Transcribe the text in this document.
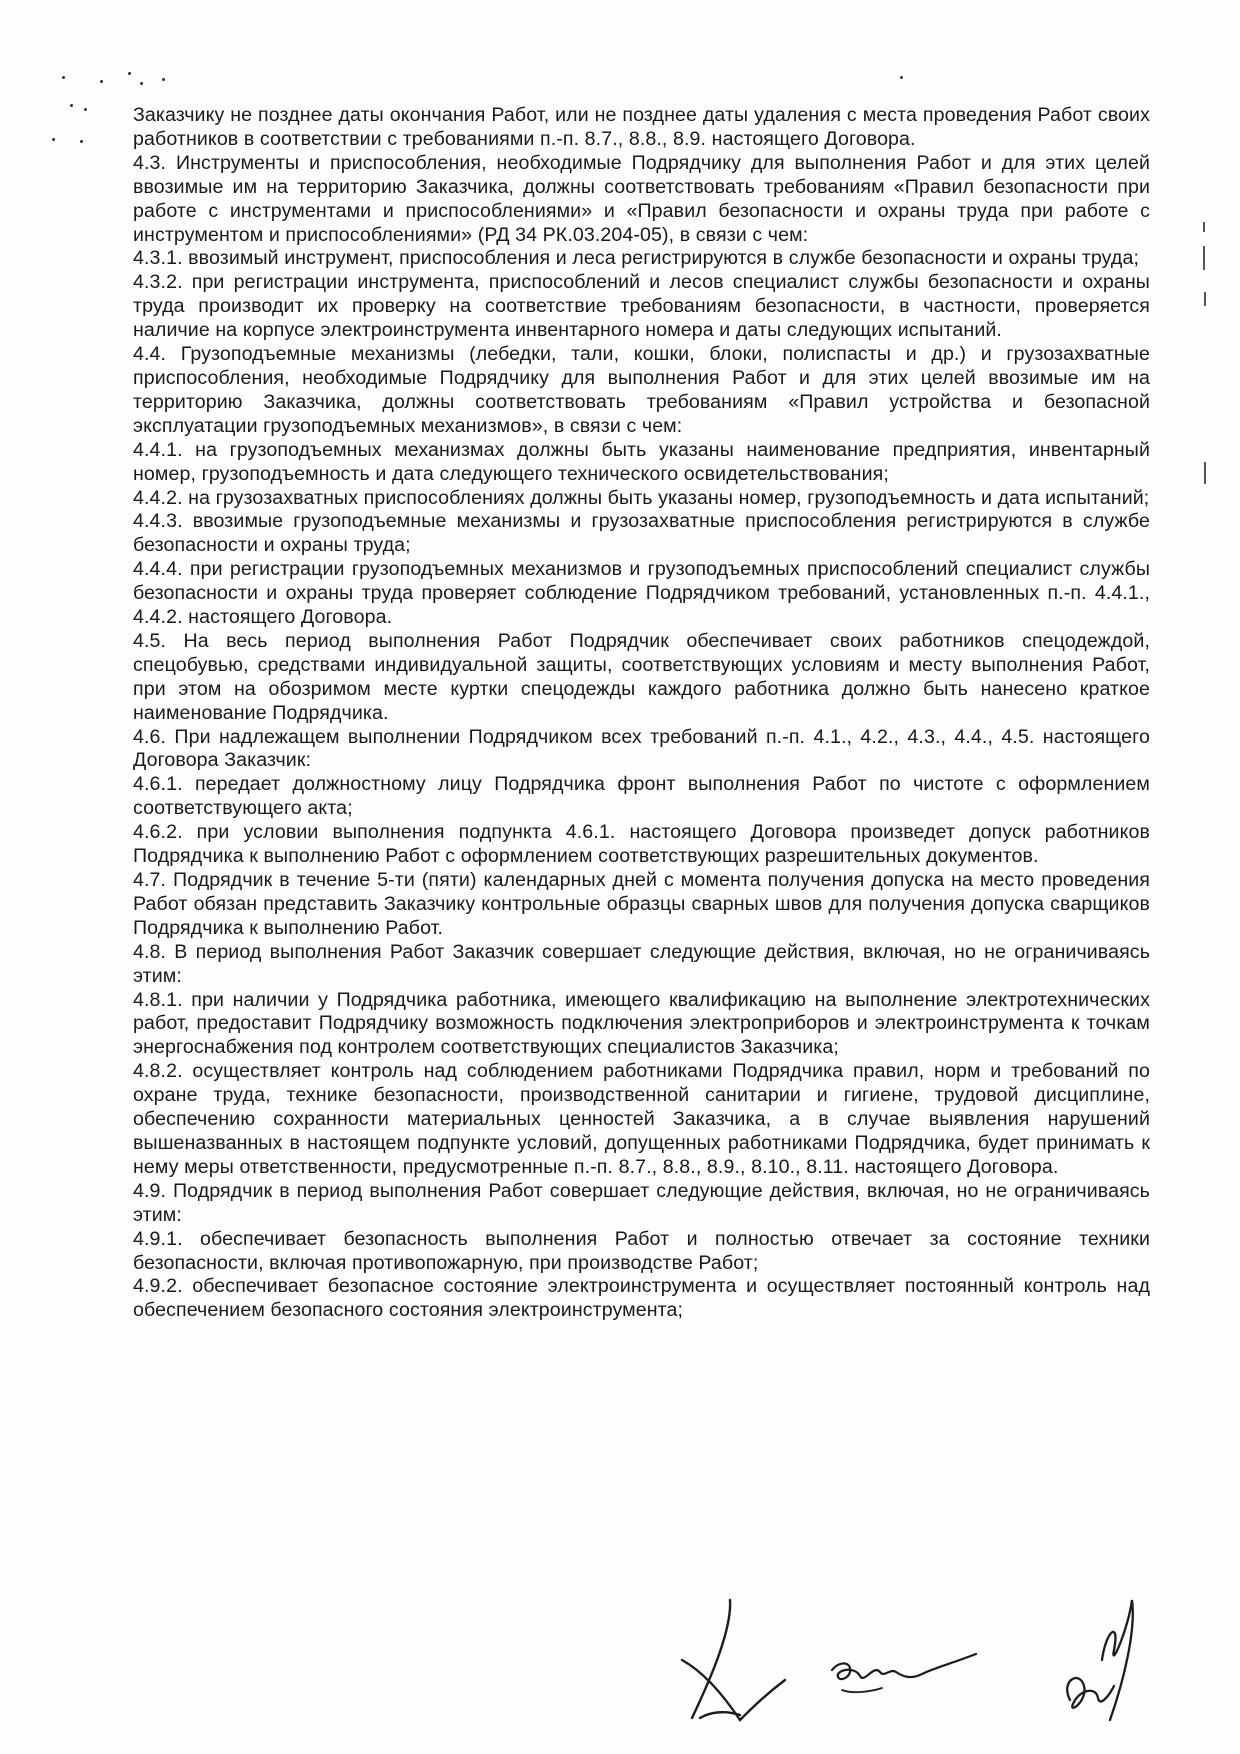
Заказчику не позднее даты окончания Работ, или не позднее даты удаления с места проведения Работ своих работников в соответствии с требованиями п.-п. 8.7., 8.8., 8.9. настоящего Договора.

4.3. Инструменты и приспособления, необходимые Подрядчику для выполнения Работ и для этих целей ввозимые им на территорию Заказчика, должны соответствовать требованиям «Правил безопасности при работе с инструментами и приспособлениями» и «Правил безопасности и охраны труда при работе с инструментом и приспособлениями» (РД 34 РК.03.204-05), в связи с чем:

4.3.1. ввозимый инструмент, приспособления и леса регистрируются в службе безопасности и охраны труда;

4.3.2. при регистрации инструмента, приспособлений и лесов специалист службы безопасности и охраны труда производит их проверку на соответствие требованиям безопасности, в частности, проверяется наличие на корпусе электроинструмента инвентарного номера и даты следующих испытаний.

4.4. Грузоподъемные механизмы (лебедки, тали, кошки, блоки, полиспасты и др.) и грузозахватные приспособления, необходимые Подрядчику для выполнения Работ и для этих целей ввозимые им на территорию Заказчика, должны соответствовать требованиям «Правил устройства и безопасной эксплуатации грузоподъемных механизмов», в связи с чем:

4.4.1. на грузоподъемных механизмах должны быть указаны наименование предприятия, инвентарный номер, грузоподъемность и дата следующего технического освидетельствования;

4.4.2. на грузозахватных приспособлениях должны быть указаны номер, грузоподъемность и дата испытаний;

4.4.3. ввозимые грузоподъемные механизмы и грузозахватные приспособления регистрируются в службе безопасности и охраны труда;

4.4.4. при регистрации грузоподъемных механизмов и грузоподъемных приспособлений специалист службы безопасности и охраны труда проверяет соблюдение Подрядчиком требований, установленных п.-п. 4.4.1., 4.4.2. настоящего Договора.

4.5. На весь период выполнения Работ Подрядчик обеспечивает своих работников спецодеждой, спецобувью, средствами индивидуальной защиты, соответствующих условиям и месту выполнения Работ, при этом на обозримом месте куртки спецодежды каждого работника должно быть нанесено краткое наименование Подрядчика.

4.6. При надлежащем выполнении Подрядчиком всех требований п.-п. 4.1., 4.2., 4.3., 4.4., 4.5. настоящего Договора Заказчик:

4.6.1. передает должностному лицу Подрядчика фронт выполнения Работ по чистоте с оформлением соответствующего акта;

4.6.2. при условии выполнения подпункта 4.6.1. настоящего Договора произведет допуск работников Подрядчика к выполнению Работ с оформлением соответствующих разрешительных документов.

4.7. Подрядчик в течение 5-ти (пяти) календарных дней с момента получения допуска на место проведения Работ обязан представить Заказчику контрольные образцы сварных швов для получения допуска сварщиков Подрядчика к выполнению Работ.

4.8. В период выполнения Работ Заказчик совершает следующие действия, включая, но не ограничиваясь этим:

4.8.1. при наличии у Подрядчика работника, имеющего квалификацию на выполнение электротехнических работ, предоставит Подрядчику возможность подключения электроприборов и электроинструмента к точкам энергоснабжения под контролем соответствующих специалистов Заказчика;

4.8.2. осуществляет контроль над соблюдением работниками Подрядчика правил, норм и требований по охране труда, технике безопасности, производственной санитарии и гигиене, трудовой дисциплине, обеспечению сохранности материальных ценностей Заказчика, а в случае выявления нарушений вышеназванных в настоящем подпункте условий, допущенных работниками Подрядчика, будет принимать к нему меры ответственности, предусмотренные п.-п. 8.7., 8.8., 8.9., 8.10., 8.11. настоящего Договора.

4.9. Подрядчик в период выполнения Работ совершает следующие действия, включая, но не ограничиваясь этим:

4.9.1. обеспечивает безопасность выполнения Работ и полностью отвечает за состояние техники безопасности, включая противопожарную, при производстве Работ;

4.9.2. обеспечивает безопасное состояние электроинструмента и осуществляет постоянный контроль над обеспечением безопасного состояния электроинструмента;
